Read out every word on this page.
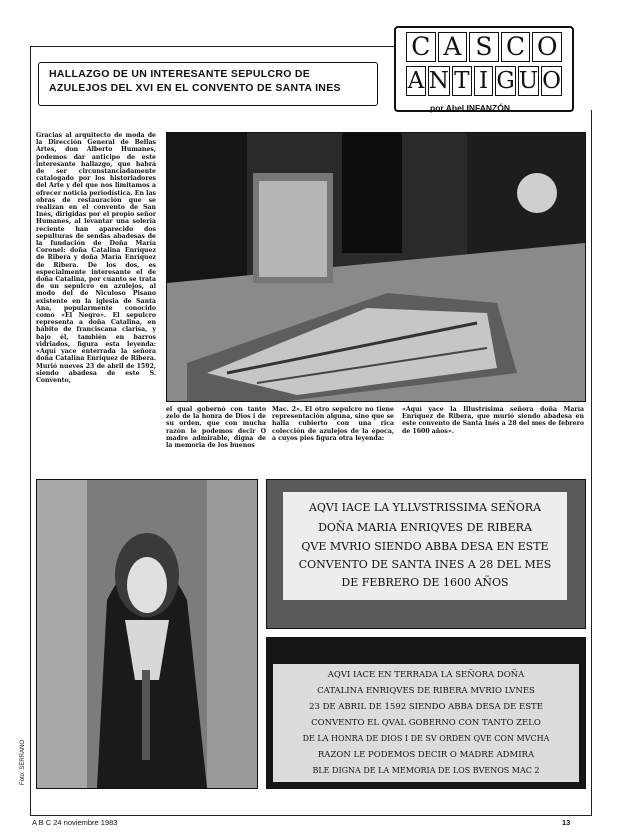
C A S C O
A N T I G U O
por Abel INFANZÓN
HALLAZGO DE UN INTERESANTE SEPULCRO DE AZULEJOS DEL XVI EN EL CONVENTO DE SANTA INES
Gracias al arquitecto de moda de la Dirección General de Bellas Artes, don Alberto Humanes, podemos dar anticipo de este interesante hallazgo, que habrá de ser circunstanciadamente catalogado por los historiadores del Arte y del que nos limitamos a ofrecer noticia periodística. En las obras de restauración que se realizan en el convento de San Inés, dirigidas por el propio señor Humanes, al levantar una solería reciente han aparecido dos sepulturas de sendas abadesas de la fundación de Doña María Coronel: doña Catalina Enríquez de Ribera y doña María Enríquez de Ribera. De los dos, es especialmente interesante el de doña Catalina, por cuanto se trata de un sepulcro en azulejos, al modo del de Niculoso Pisano existente en la iglesia de Santa Ana, popularmente conocido como «El Negro». El sepulcro representa a doña Catalina, en hábito de franciscana clarisa, y bajo él, también en barros vidriados, figura esta leyenda: «Aquí yace enterrada la señora doña Catalina Enríquez de Ribera. Murió nueves 23 de abril de 1592, siendo abadesa de este S. Convento,
el qual gobernó con tanto zelo de la honra de Dios i de su orden, que con mucha razón le podemos decir O madre admirable, digna de la memoria de los buenos
Mac. 2». El otro sepulcro no tiene representación alguna, sino que se halla cubierto con una rica colección de azulejos de la época, a cuyos pies figura otra leyenda:
«Aquí yace la Illustrísima señora doña María Enríquez de Ribera, que murió siendo abadesa en este convento de Santa Inés a 28 del mes de febrero de 1600 años».
Foto: SERRANO
AQVI IACE LA YLLVSTRISSIMA SEÑORA
DOÑA MARIA ENRIQVES DE RIBERA
QVE MVRIO SIENDO ABBA DESA EN ESTE
CONVENTO DE SANTA INES A 28 DEL MES
DE FEBRERO DE 1600 AÑOS
AQVI IACE EN TERRADA LA SEÑORA DOÑA
CATALINA ENRIQVES DE RIBERA MVRIO LVNES
23 DE ABRIL DE 1592 SIENDO ABBA DESA DE ESTE
CONVENTO EL QVAL GOBERNO CON TANTO ZELO
DE LA HONRA DE DIOS I DE SV ORDEN QVE CON MVCHA
RAZON LE PODEMOS DECIR O MADRE ADMIRA
BLE DIGNA DE LA MEMORIA DE LOS BVENOS MAC 2
A B C 24 noviembre 1983	13
